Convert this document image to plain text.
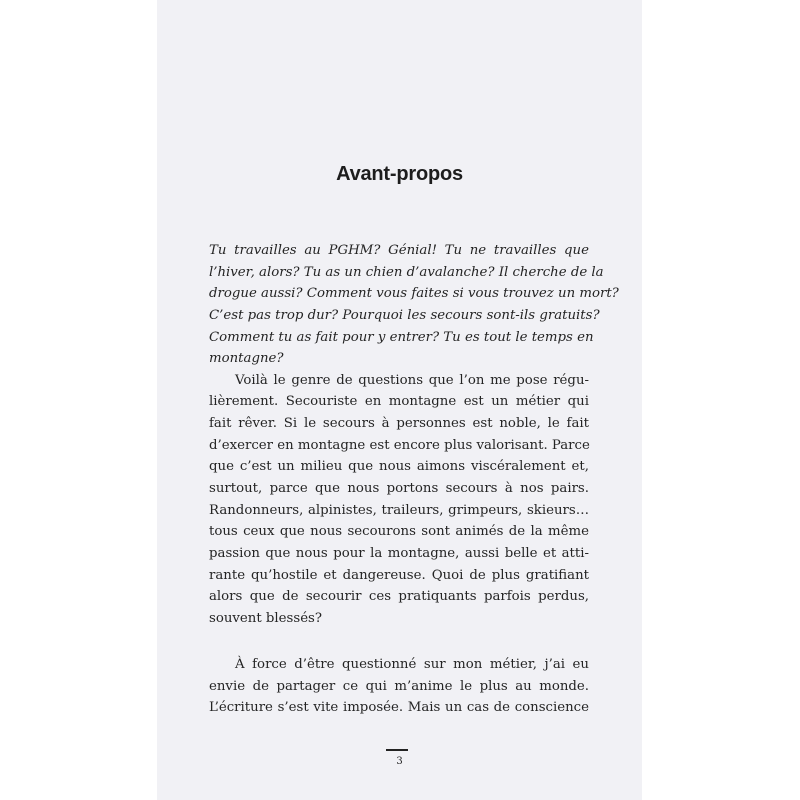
Avant-propos
Tu travailles au PGHM? Génial! Tu ne travailles que
l’hiver, alors? Tu as un chien d’avalanche? Il cherche de la
drogue aussi? Comment vous faites si vous trouvez un mort?
C’est pas trop dur? Pourquoi les secours sont-ils gratuits?
Comment tu as fait pour y entrer? Tu es tout le temps en
montagne?
Voilà le genre de questions que l’on me pose régu-
lièrement. Secouriste en montagne est un métier qui
fait rêver. Si le secours à personnes est noble, le fait
d’exercer en montagne est encore plus valorisant. Parce
que c’est un milieu que nous aimons viscéralement et,
surtout, parce que nous portons secours à nos pairs.
Randonneurs, alpinistes, traileurs, grimpeurs, skieurs…
tous ceux que nous secourons sont animés de la même
passion que nous pour la montagne, aussi belle et atti-
rante qu’hostile et dangereuse. Quoi de plus gratifiant
alors que de secourir ces pratiquants parfois perdus,
souvent blessés?
À force d’être questionné sur mon métier, j’ai eu
envie de partager ce qui m’anime le plus au monde.
L’écriture s’est vite imposée. Mais un cas de conscience
3
